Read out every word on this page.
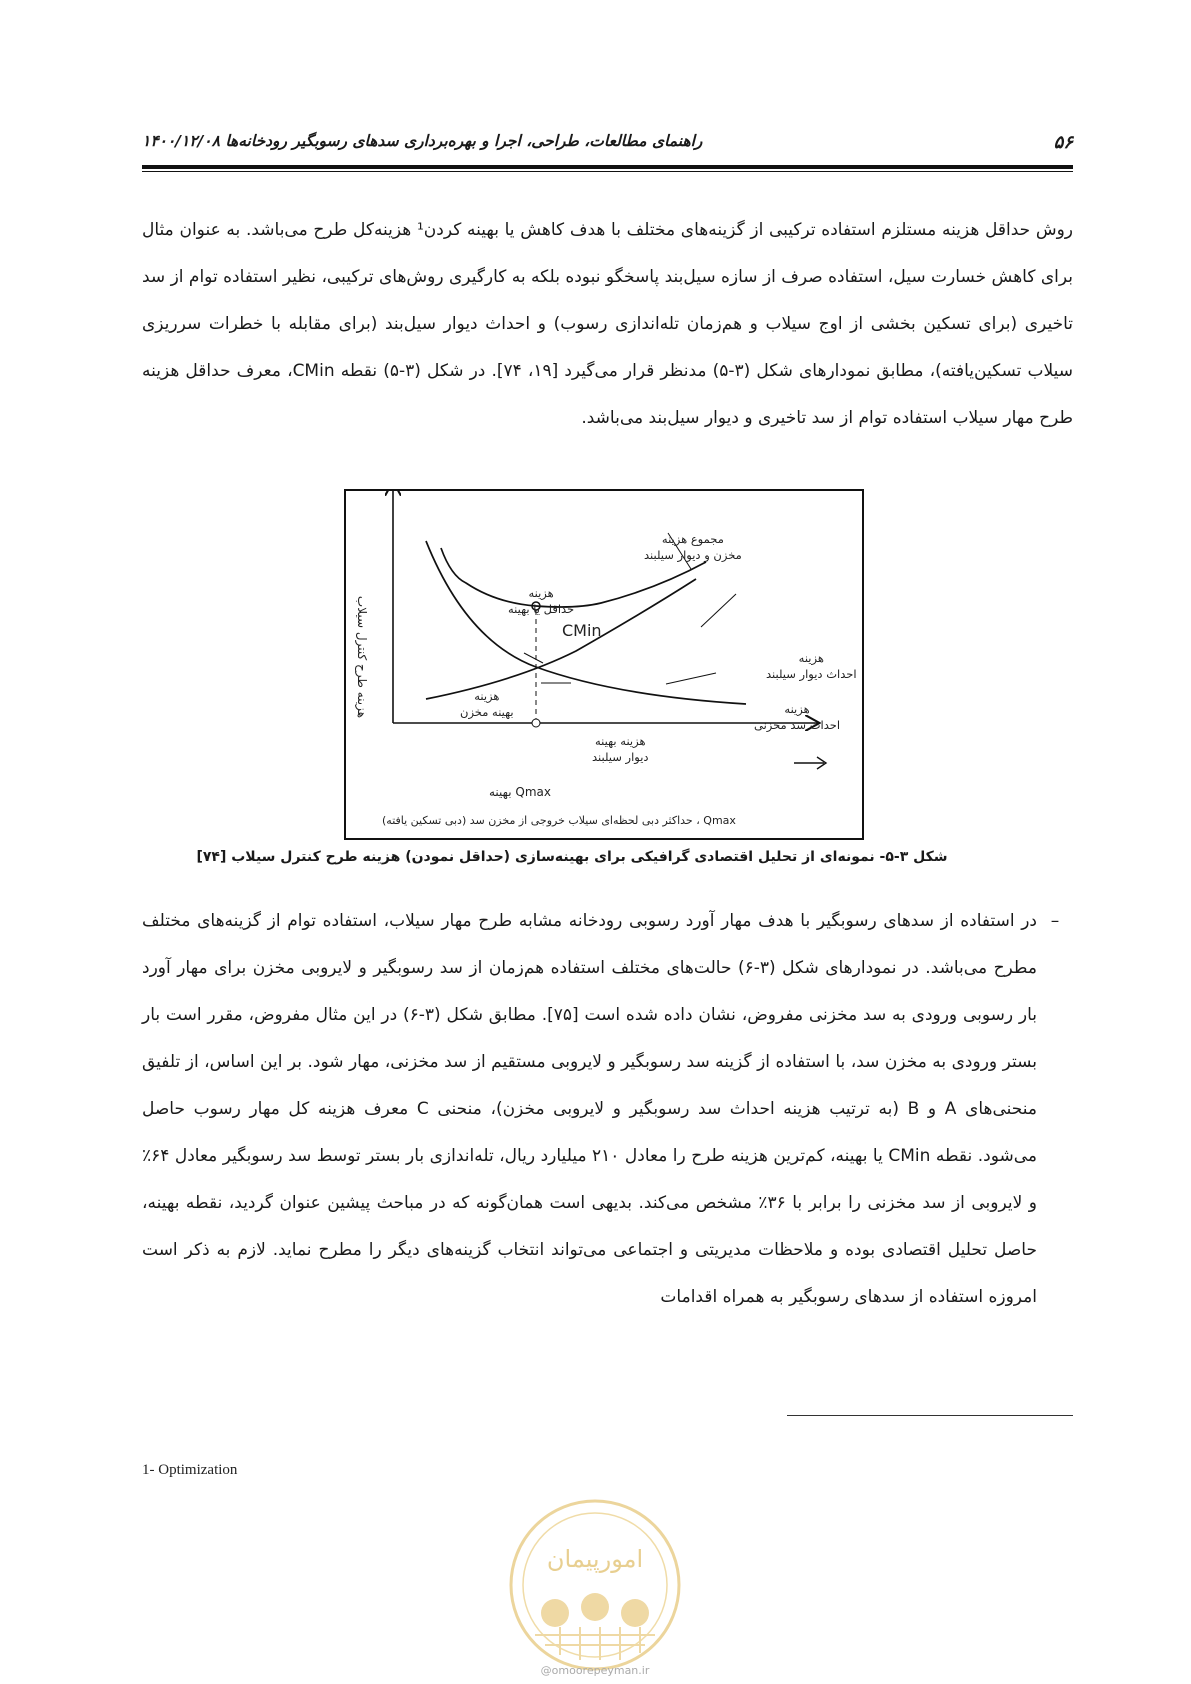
۵۶
راهنمای مطالعات، طراحی، اجرا و بهره‌برداری سدهای رسوبگیر رودخانه‌ها ۱۴۰۰/۱۲/۰۸

روش حداقل هزینه مستلزم استفاده ترکیبی از گزینه‌های مختلف با هدف کاهش یا بهینه کردن¹ هزینه‌کل طرح می‌باشد. به عنوان مثال برای کاهش خسارت سیل، استفاده صرف از سازه سیل‌بند پاسخگو نبوده بلکه به کارگیری روش‌های ترکیبی، نظیر استفاده توام از سد تاخیری (برای تسکین بخشی از اوج سیلاب و هم‌زمان تله‌اندازی رسوب) و احداث دیوار سیل‌بند (برای مقابله با خطرات سرریزی سیلاب تسکین‌یافته)، مطابق نمودارهای شکل (۳-۵) مدنظر قرار می‌گیرد [۱۹، ۷۴]. در شکل (۳-۵) نقطه CMin، معرف حداقل هزینه طرح مهار سیلاب استفاده توام از سد تاخیری و دیوار سیل‌بند می‌باشد.

هزینه طرح کنترل سیلاب
مجموع هزینه
مخزن و دیوار سیلبند
هزینه
حداقل یا بهینه
CMin
هزینه
احداث دیوار سیلبند
هزینه
بهینه مخزن	هزینه
احداث سد مخزنی
هزینه بهینه
دیوار سیلبند
Qmax بهینه
Qmax ، حداکثر دبی لحظه‌ای سیلاب خروجی از مخزن سد (دبی تسکین یافته)
شکل ۳-۵- نمونه‌ای از تحلیل اقتصادی گرافیکی برای بهینه‌سازی (حداقل نمودن) هزینه طرح کنترل سیلاب [۷۴]
–

در استفاده از سدهای رسوبگیر با هدف مهار آورد رسوبی رودخانه مشابه طرح مهار سیلاب، استفاده توام از گزینه‌های مختلف مطرح می‌باشد. در نمودارهای شکل (۳-۶) حالت‌های مختلف استفاده هم‌زمان از سد رسوبگیر و لایروبی مخزن برای مهار آورد بار رسوبی ورودی به سد مخزنی مفروض، نشان داده شده است [۷۵]. مطابق شکل (۳-۶) در این مثال مفروض، مقرر است بار بستر ورودی به مخزن سد، با استفاده از گزینه سد رسوبگیر و لایروبی مستقیم از سد مخزنی، مهار شود. بر این اساس، از تلفیق منحنی‌های A و B (به ترتیب هزینه احداث سد رسوبگیر و لایروبی مخزن)، منحنی C معرف هزینه کل مهار رسوب حاصل می‌شود. نقطه CMin یا بهینه، کم‌ترین هزینه طرح را معادل ۲۱۰ میلیارد ریال، تله‌اندازی بار بستر توسط سد رسوبگیر معادل ۶۴٪ و لایروبی از سد مخزنی را برابر با ۳۶٪ مشخص می‌کند. بدیهی است همان‌گونه که در مباحث پیشین عنوان گردید، نقطه بهینه، حاصل تحلیل اقتصادی بوده و ملاحظات مدیریتی و اجتماعی می‌تواند انتخاب گزینه‌های دیگر را مطرح نماید. لازم به ذکر است امروزه استفاده از سدهای رسوبگیر به همراه اقدامات

1- Optimization
امورپیمان
@omoorepeyman.ir
